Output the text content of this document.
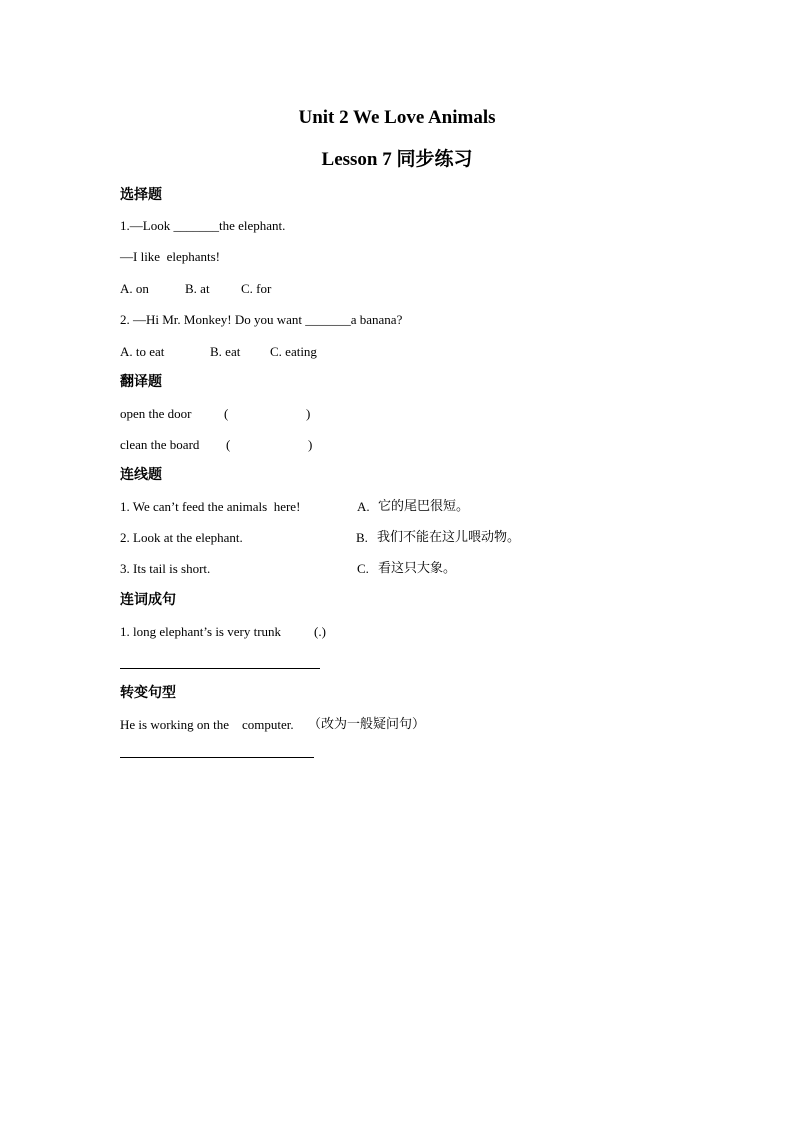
Unit 2 We Love Animals
Lesson 7 同步练习
选择题
1.—Look _______the elephant.
—I like  elephants!
A. on	B. at C. for
2. —Hi Mr. Monkey! Do you want _______a banana?
A. to eat	B. eat C. eating
翻译题
open the door	(	)
clean the board (	)
连线题
1. We can’t feed the animals  here!	A. 它的尾巴很短。
2. Look at the elephant.	B. 我们不能在这儿喂动物。
3. Its tail is short.	C. 看这只大象。
连词成句
1. long elephant’s is very trunk	(.)
转变句型
He is working on the    computer. （改为一般疑问句）
